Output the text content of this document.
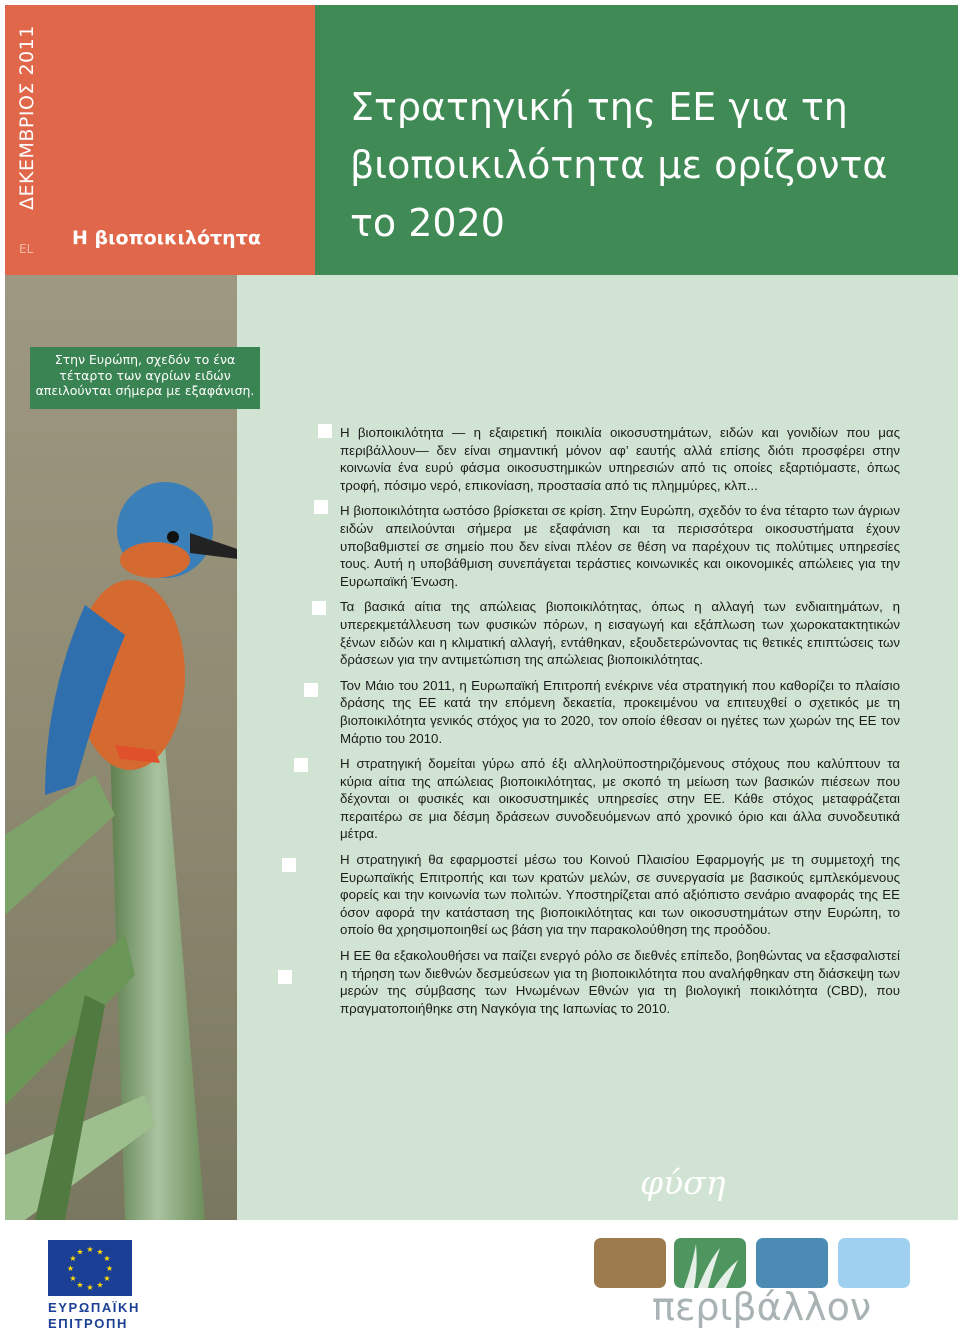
ΔΕΚΕΜΒΡΙΟΣ 2011
EL Η βιοποικιλότητα
Στρατηγική της ΕΕ για τη
βιοποικιλότητα με ορίζοντα
το 2020
Στην Ευρώπη, σχεδόν το ένα τέταρτο των αγρίων ειδών απειλούνται σήμερα με εξαφάνιση.

Η βιοποικιλότητα — η εξαιρετική ποικιλία οικοσυστημάτων, ειδών και γονιδίων που μας περιβάλλουν— δεν είναι σημαντική μόνον αφ’ εαυτής αλλά επίσης διότι προσφέρει στην κοινωνία ένα ευρύ φάσμα οικοσυστημικών υπηρεσιών από τις οποίες εξαρτιόμαστε, όπως τροφή, πόσιμο νερό, επικονίαση, προστασία από τις πλημμύρες, κλπ...

Η βιοποικιλότητα ωστόσο βρίσκεται σε κρίση. Στην Ευρώπη, σχεδόν το ένα τέταρτο των άγριων ειδών απειλούνται σήμερα με εξαφάνιση και τα περισσότερα οικοσυστήματα έχουν υποβαθμιστεί σε σημείο που δεν είναι πλέον σε θέση να παρέχουν τις πολύτιμες υπηρεσίες τους. Αυτή η υποβάθμιση συνεπάγεται τεράστιες κοινωνικές και οικονομικές απώλειες για την Ευρωπαϊκή Ένωση.

Τα βασικά αίτια της απώλειας βιοποικιλότητας, όπως η αλλαγή των ενδιαιτημάτων, η υπερεκμετάλλευση των φυσικών πόρων, η εισαγωγή και εξάπλωση των χωροκατακτητικών ξένων ειδών και η κλιματική αλλαγή, εντάθηκαν, εξουδετερώνοντας τις θετικές επιπτώσεις των δράσεων για την αντιμετώπιση της απώλειας βιοποικιλότητας.

Τον Μάιο του 2011, η Ευρωπαϊκή Επιτροπή ενέκρινε νέα στρατηγική που καθορίζει το πλαίσιο δράσης της ΕΕ κατά την επόμενη δεκαετία, προκειμένου να επιτευχθεί ο σχετικός με τη βιοποικιλότητα γενικός στόχος για το 2020, τον οποίο έθεσαν οι ηγέτες των χωρών της ΕΕ τον Μάρτιο του 2010.

Η στρατηγική δομείται γύρω από έξι αλληλοϋποστηριζόμενους στόχους που καλύπτουν τα κύρια αίτια της απώλειας βιοποικιλότητας, με σκοπό τη μείωση των βασικών πιέσεων που δέχονται οι φυσικές και οικοσυστημικές υπηρεσίες στην ΕΕ. Κάθε στόχος μεταφράζεται περαιτέρω σε μια δέσμη δράσεων συνοδευόμενων από χρονικό όριο και άλλα συνοδευτικά μέτρα.

Η στρατηγική θα εφαρμοστεί μέσω του Κοινού Πλαισίου Εφαρμογής με τη συμμετοχή της Ευρωπαϊκής Επιτροπής και των κρατών μελών, σε συνεργασία με βασικούς εμπλεκόμενους φορείς και την κοινωνία των πολιτών. Υποστηρίζεται από αξιόπιστο σενάριο αναφοράς της ΕΕ όσον αφορά την κατάσταση της βιοποικιλότητας και των οικοσυστημάτων στην Ευρώπη, το οποίο θα χρησιμοποιηθεί ως βάση για την παρακολούθηση της προόδου.

Η ΕΕ θα εξακολουθήσει να παίζει ενεργό ρόλο σε διεθνές επίπεδο, βοηθώντας να εξασφαλιστεί η τήρηση των διεθνών δεσμεύσεων για τη βιοποικιλότητα που αναλήφθηκαν στη διάσκεψη των μερών της σύμβασης των Ηνωμένων Εθνών για τη βιολογική ποικιλότητα (CBD), που πραγματοποιήθηκε στη Ναγκόγια της Ιαπωνίας το 2010.

φύση
★ ★
★
★
★
★
★
★
★
★
★
★
ΕΥΡΩΠΑΪΚΗ
ΕΠΙΤΡΟΠΗ	περιβάλλον
